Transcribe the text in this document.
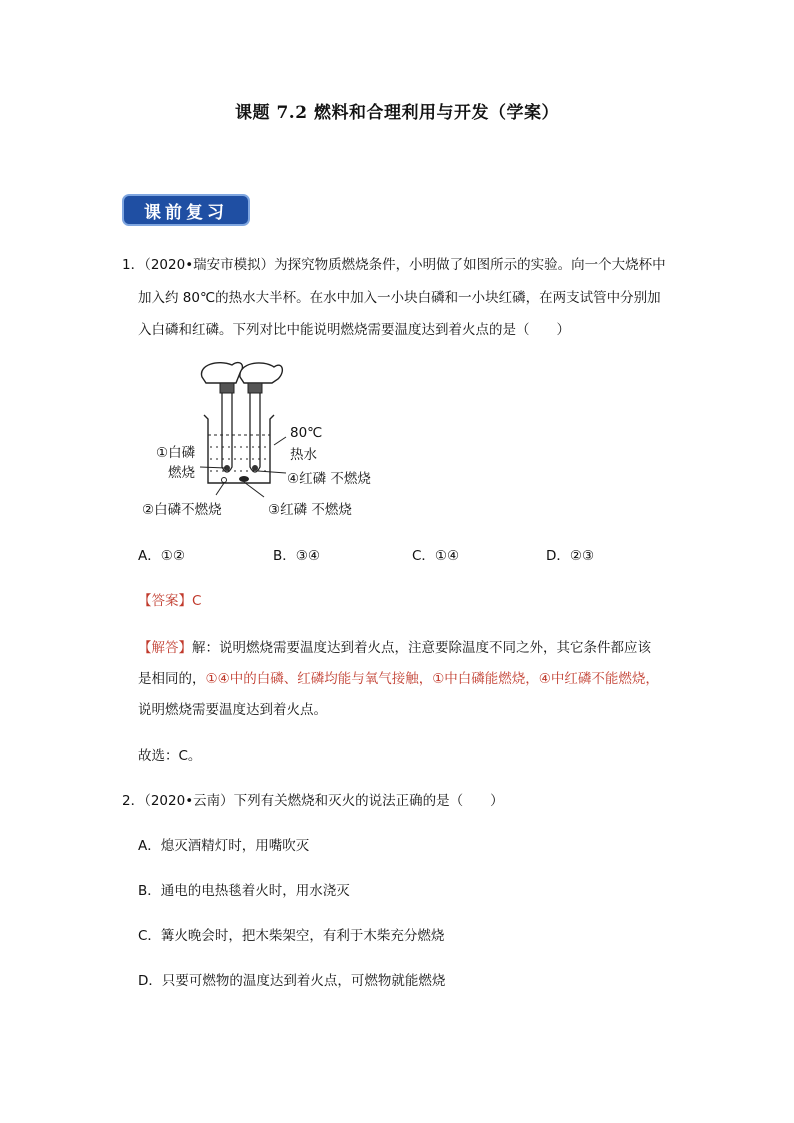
课题 7.2 燃料和合理利用与开发（学案）
课前复习
1．（2020•瑞安市模拟）为探究物质燃烧条件，小明做了如图所示的实验。向一个大烧杯中
加入约 80℃的热水大半杯。在水中加入一小块白磷和一小块红磷，在两支试管中分别加
入白磷和红磷。下列对比中能说明燃烧需要温度达到着火点的是（　　）
①白磷
燃烧
80℃
热水
④红磷 不燃烧
②白磷不燃烧	③红磷 不燃烧
A．①②	B．③④	C．①④	D．②③
【答案】C
【解答】解：说明燃烧需要温度达到着火点，注意要除温度不同之外，其它条件都应该
是相同的，①④中的白磷、红磷均能与氧气接触，①中白磷能燃烧，④中红磷不能燃烧，
说明燃烧需要温度达到着火点。
故选：C。
2．（2020•云南）下列有关燃烧和灭火的说法正确的是（　　）
A．熄灭酒精灯时，用嘴吹灭
B．通电的电热毯着火时，用水浇灭
C．篝火晚会时，把木柴架空，有利于木柴充分燃烧
D．只要可燃物的温度达到着火点，可燃物就能燃烧
